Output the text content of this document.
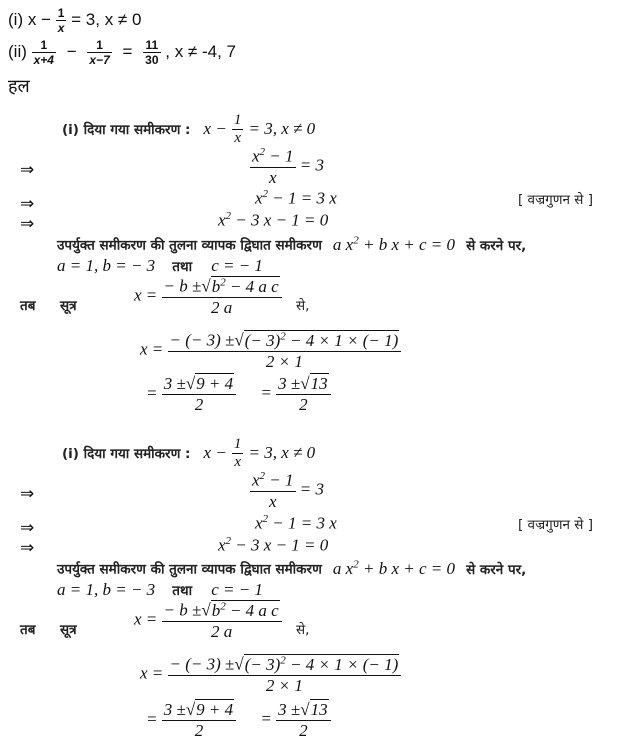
(i) $x - \frac{1}{x} = 3$, x ≠ 0
$(ii) \frac{1}{x+4} - \frac{1}{x-7} = \frac{11}{30}$ , x ≠ -4, 7
हल
(i) दिया गया समीकरण : $x - \frac{1}{x} = 3$, x ≠ 0
⇒	$\frac{x^2 - 1}{x} = 3$
⇒	$x^2 - 1 = 3$ x	[ वज्रगुणन से ]
⇒	$x^2 - 3$ x − 1 = 0
उपर्युक्त समीकरण की तुलना व्यापक द्विघात समीकरण a $x^2 + b$ x + c = 0 से करने पर,
a = 1, b = − 3 तथा c = − 1
तब सूत्र
$x = \frac{- b \pm√b^2 - 4 a c}{2 a}$ से,
$x = \frac{- (- 3) \pm√(- 3)^2 - 4 \times 1 \times (- 1)}{2 \times 1}$
= $\frac{3 \pm√9 + 4}{2} = \frac{3 \pm√13}{2}$
(i) दिया गया समीकरण : $x - \frac{1}{x} = 3$, x ≠ 0
⇒	$\frac{x^2 - 1}{x} = 3$
⇒	$x^2 - 1 = 3$ x	[ वज्रगुणन से ]
⇒	$x^2 - 3$ x − 1 = 0
उपर्युक्त समीकरण की तुलना व्यापक द्विघात समीकरण a $x^2 + b$ x + c = 0 से करने पर,
a = 1, b = − 3 तथा c = − 1
तब सूत्र
$x = \frac{- b \pm√b^2 - 4 a c}{2 a}$ से,
$x = \frac{- (- 3) \pm√(- 3)^2 - 4 \times 1 \times (- 1)}{2 \times 1}$
= $\frac{3 \pm√9 + 4}{2} = \frac{3 \pm√13}{2}$
